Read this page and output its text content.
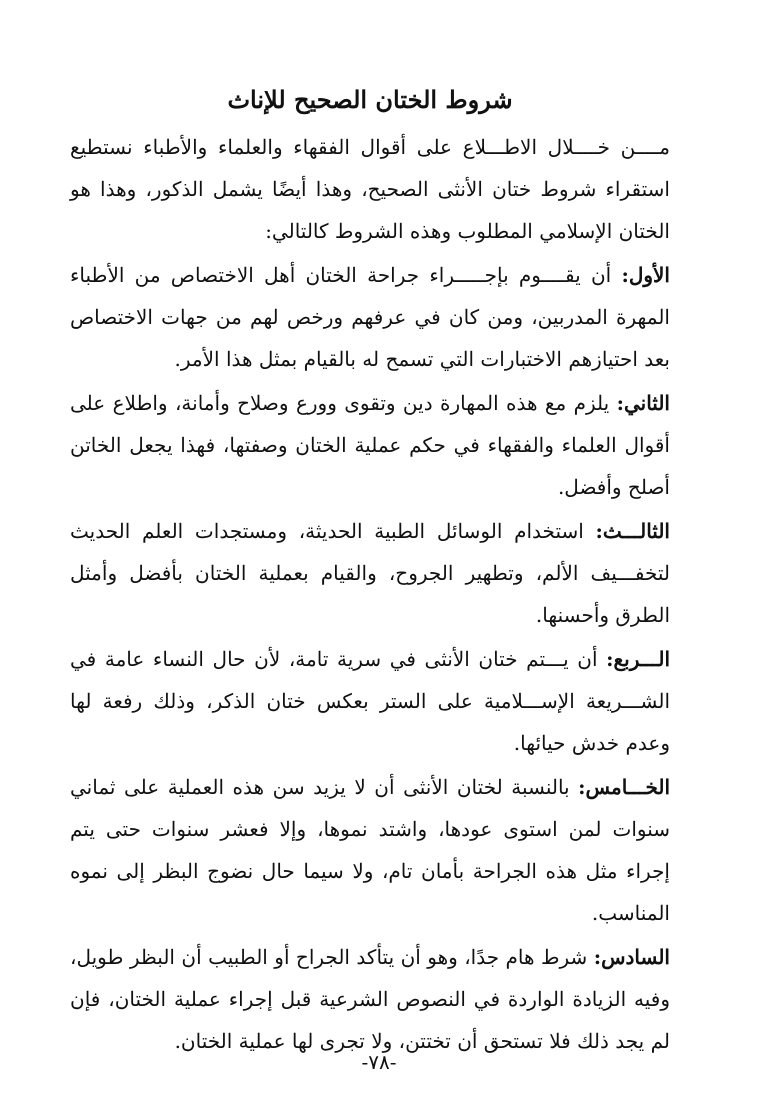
شروط الختان الصحيح للإناث

مــــن خــــلال الاطـــلاع على أقوال الفقهاء والعلماء والأطباء نستطيع استقراء شروط ختان الأنثى الصحيح، وهذا أيضًا يشمل الذكور، وهذا هو الختان الإسلامي المطلوب وهذه الشروط كالتالي:

الأول: أن يقــــوم بإجـــــراء جراحة الختان أهل الاختصاص من الأطباء المهرة المدربين، ومن كان في عرفهم ورخص لهم من جهات الاختصاص بعد احتيازهم الاختبارات التي تسمح له بالقيام بمثل هذا الأمر.

الثاني: يلزم مع هذه المهارة دين وتقوى وورع وصلاح وأمانة، واطلاع على أقوال العلماء والفقهاء في حكم عملية الختان وصفتها، فهذا يجعل الخاتن أصلح وأفضل.

الثالـــث: استخدام الوسائل الطبية الحديثة، ومستجدات العلم الحديث لتخفـــيف الألم، وتطهير الجروح، والقيام بعملية الختان بأفضل وأمثل الطرق وأحسنها.

الـــربع: أن يـــتم ختان الأنثى في سرية تامة، لأن حال النساء عامة في الشـــريعة الإســـلامية على الستر بعكس ختان الذكر، وذلك رفعة لها وعدم خدش حيائها.

الخـــامس: بالنسبة لختان الأنثى أن لا يزيد سن هذه العملية على ثماني سنوات لمن استوى عودها، واشتد نموها، وإلا فعشر سنوات حتى يتم إجراء مثل هذه الجراحة بأمان تام، ولا سيما حال نضوج البظر إلى نموه المناسب.

السادس: شرط هام جدًا، وهو أن يتأكد الجراح أو الطبيب أن البظر طويل، وفيه الزيادة الواردة في النصوص الشرعية قبل إجراء عملية الختان، فإن لم يجد ذلك فلا تستحق أن تختتن، ولا تجرى لها عملية الختان.

-٧٨-
